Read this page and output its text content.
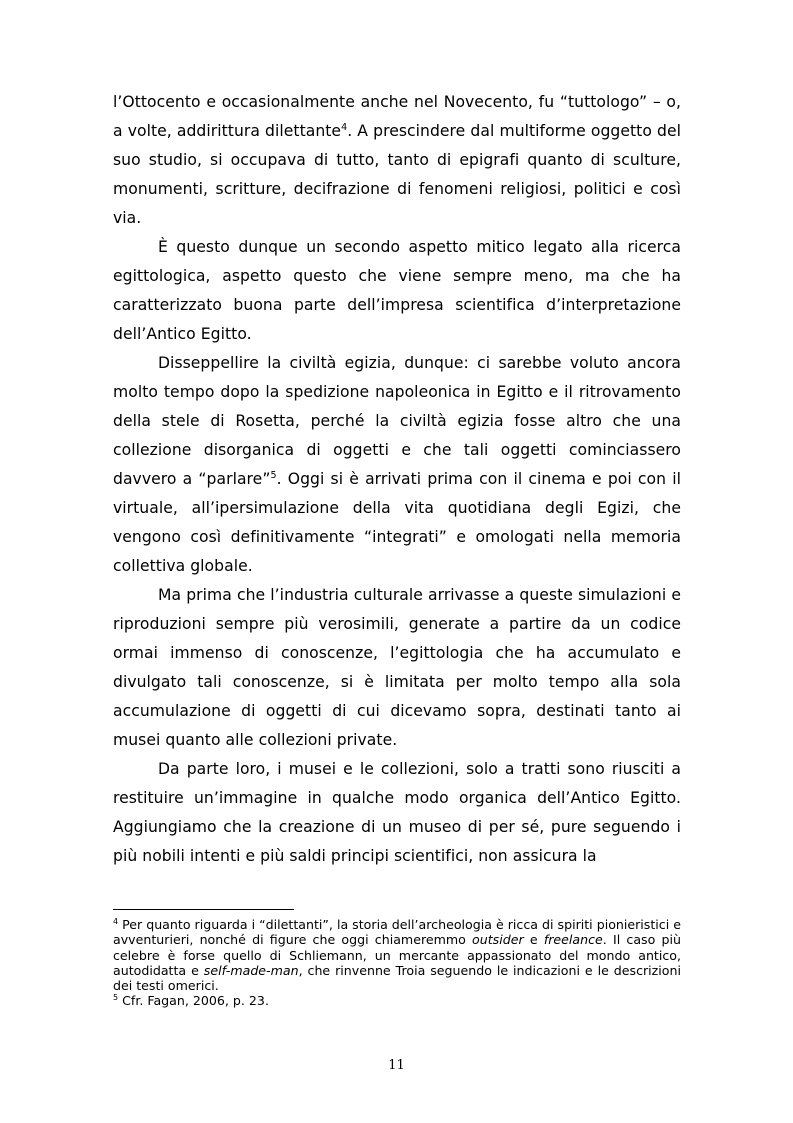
l’Ottocento e occasionalmente anche nel Novecento, fu “tuttologo” – o, a volte, addirittura dilettante$^4$. A prescindere dal multiforme oggetto del suo studio, si occupava di tutto, tanto di epigrafi quanto di sculture, monumenti, scritture, decifrazione di fenomeni religiosi, politici e così via.

È questo dunque un secondo aspetto mitico legato alla ricerca egittologica, aspetto questo che viene sempre meno, ma che ha caratterizzato buona parte dell’impresa scientifica d’interpretazione dell’Antico Egitto.

Disseppellire la civiltà egizia, dunque: ci sarebbe voluto ancora molto tempo dopo la spedizione napoleonica in Egitto e il ritrovamento della stele di Rosetta, perché la civiltà egizia fosse altro che una collezione disorganica di oggetti e che tali oggetti cominciassero davvero a “parlare”$^5$. Oggi si è arrivati prima con il cinema e poi con il virtuale, all’ipersimulazione della vita quotidiana degli Egizi, che vengono così definitivamente “integrati” e omologati nella memoria collettiva globale.

Ma prima che l’industria culturale arrivasse a queste simulazioni e riproduzioni sempre più verosimili, generate a partire da un codice ormai immenso di conoscenze, l’egittologia che ha accumulato e divulgato tali conoscenze, si è limitata per molto tempo alla sola accumulazione di oggetti di cui dicevamo sopra, destinati tanto ai musei quanto alle collezioni private.

Da parte loro, i musei e le collezioni, solo a tratti sono riusciti a restituire un’immagine in qualche modo organica dell’Antico Egitto. Aggiungiamo che la creazione di un museo di per sé, pure seguendo i più nobili intenti e più saldi principi scientifici, non assicura la

$^4$ Per quanto riguarda i “dilettanti”, la storia dell’archeologia è ricca di spiriti pionieristici e avventurieri, nonché di figure che oggi chiameremmo outsider e freelance. Il caso più celebre è forse quello di Schliemann, un mercante appassionato del mondo antico, autodidatta e self-made-man, che rinvenne Troia seguendo le indicazioni e le descrizioni dei testi omerici.

$^5$ Cfr. Fagan, 2006, p. 23.

11
